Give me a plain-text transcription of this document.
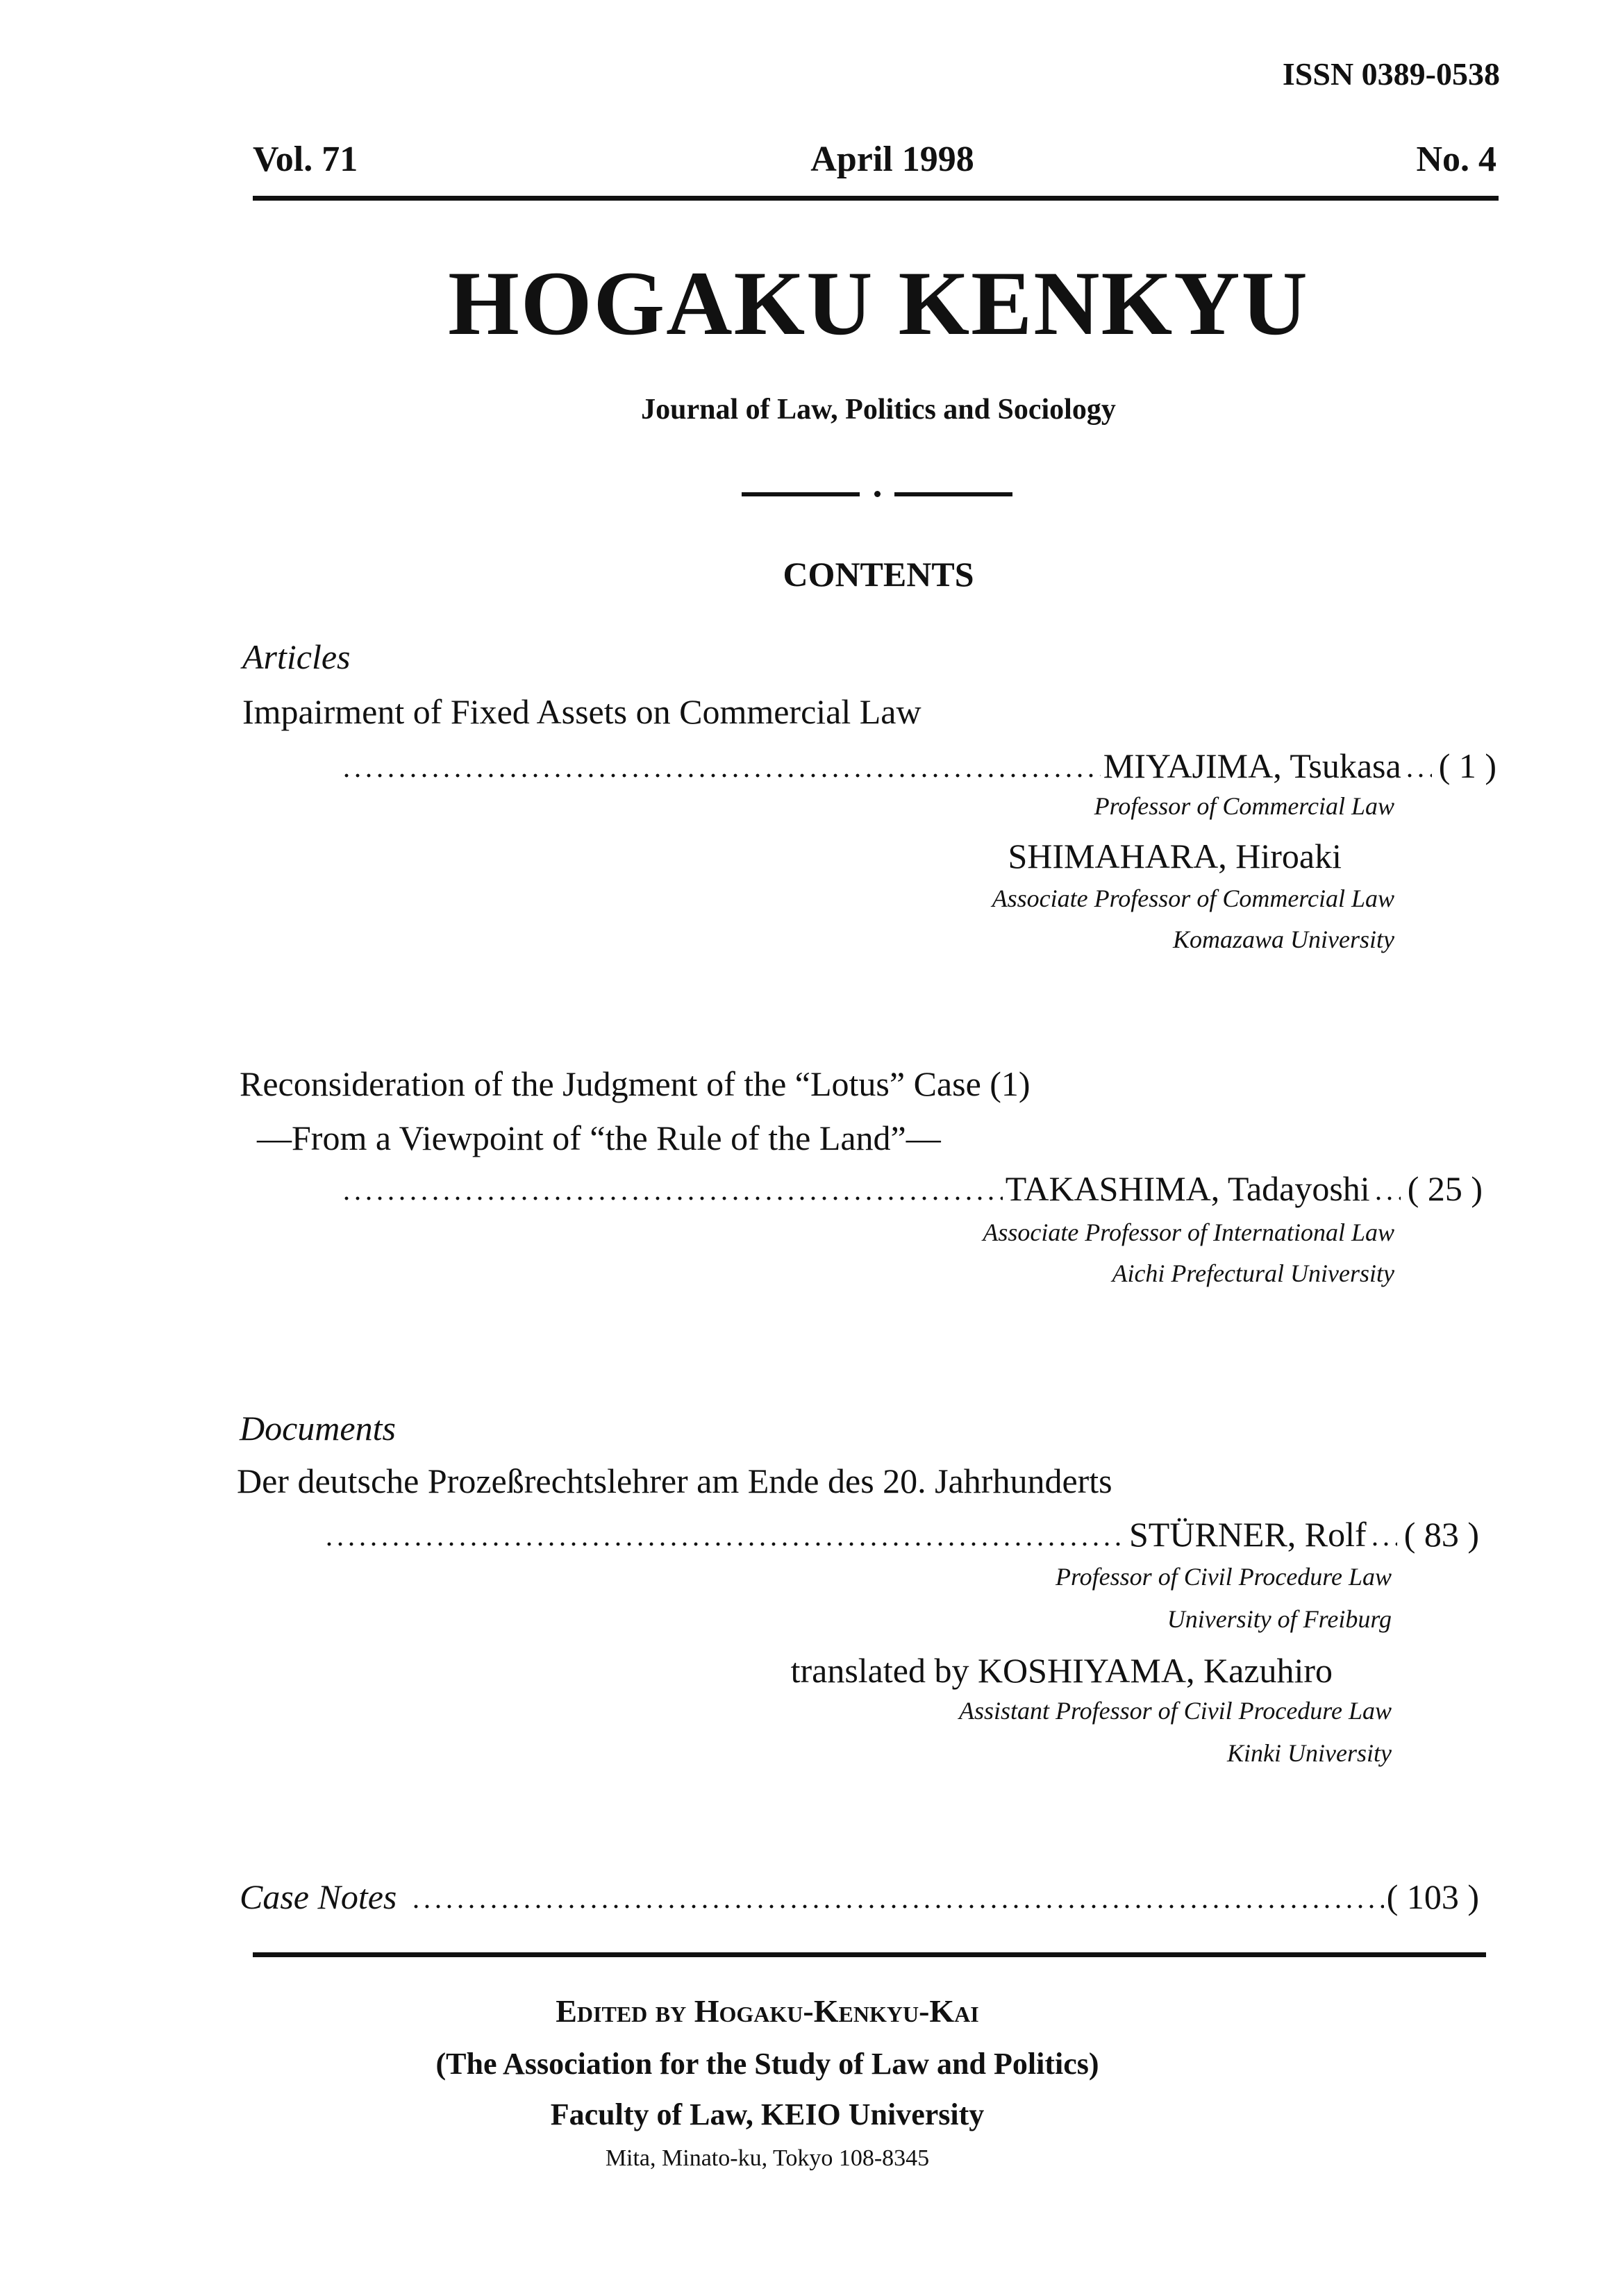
ISSN 0389-0538
Vol. 71	April 1998	No. 4
HOGAKU KENKYU
Journal of Law, Politics and Sociology
CONTENTS
Articles
Impairment of Fixed Assets on Commercial Law
MIYAJIMA, Tsukasa ( 1 )
Professor of Commercial Law
SHIMAHARA, Hiroaki
Associate Professor of Commercial Law
Komazawa University
Reconsideration of the Judgment of the “Lotus” Case (1)
—From a Viewpoint of “the Rule of the Land”—
TAKASHIMA, Tadayoshi ( 25 )
Associate Professor of International Law
Aichi Prefectural University
Documents
Der deutsche Prozeßrechtslehrer am Ende des 20. Jahrhunderts
STÜRNER, Rolf ( 83 )
Professor of Civil Procedure Law
University of Freiburg
translated by KOSHIYAMA, Kazuhiro
Assistant Professor of Civil Procedure Law
Kinki University
Case Notes	( 103 )
Edited by Hogaku-Kenkyu-Kai
(The Association for the Study of Law and Politics)
Faculty of Law, KEIO University
Mita, Minato-ku, Tokyo 108-8345
